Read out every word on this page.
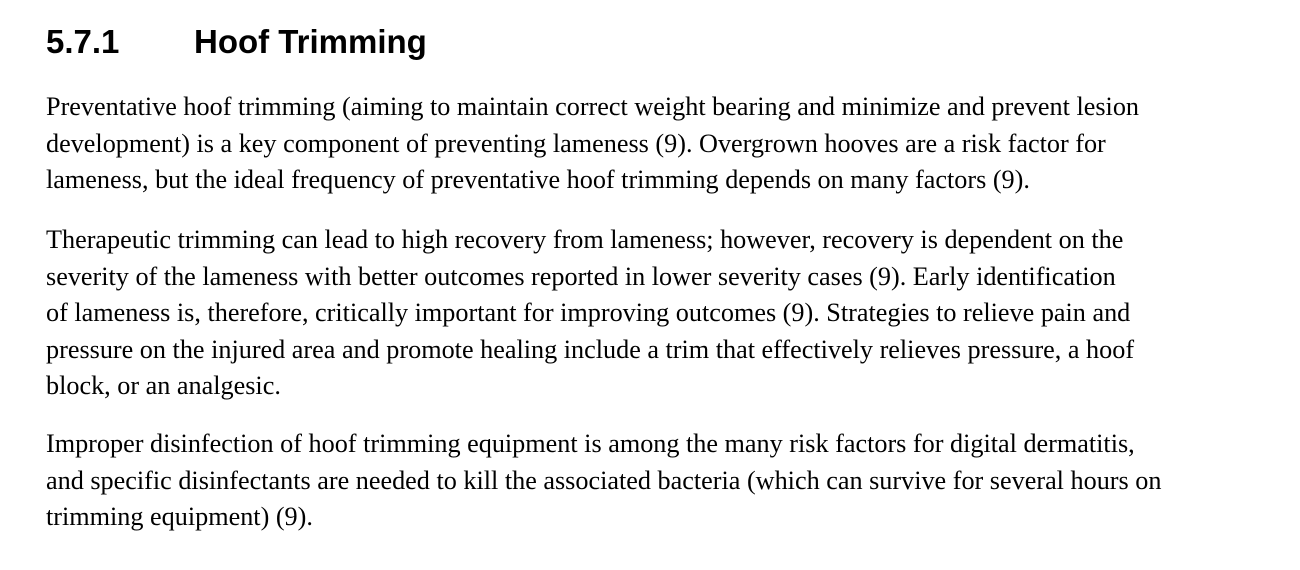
5.7.1 Hoof Trimming

Preventative hoof trimming (aiming to maintain correct weight bearing and minimize and prevent lesion
development) is a key component of preventing lameness (9). Overgrown hooves are a risk factor for
lameness, but the ideal frequency of preventative hoof trimming depends on many factors (9).

Therapeutic trimming can lead to high recovery from lameness; however, recovery is dependent on the
severity of the lameness with better outcomes reported in lower severity cases (9). Early identification
of lameness is, therefore, critically important for improving outcomes (9). Strategies to relieve pain and
pressure on the injured area and promote healing include a trim that effectively relieves pressure, a hoof
block, or an analgesic.

Improper disinfection of hoof trimming equipment is among the many risk factors for digital dermatitis,
and specific disinfectants are needed to kill the associated bacteria (which can survive for several hours on
trimming equipment) (9).
